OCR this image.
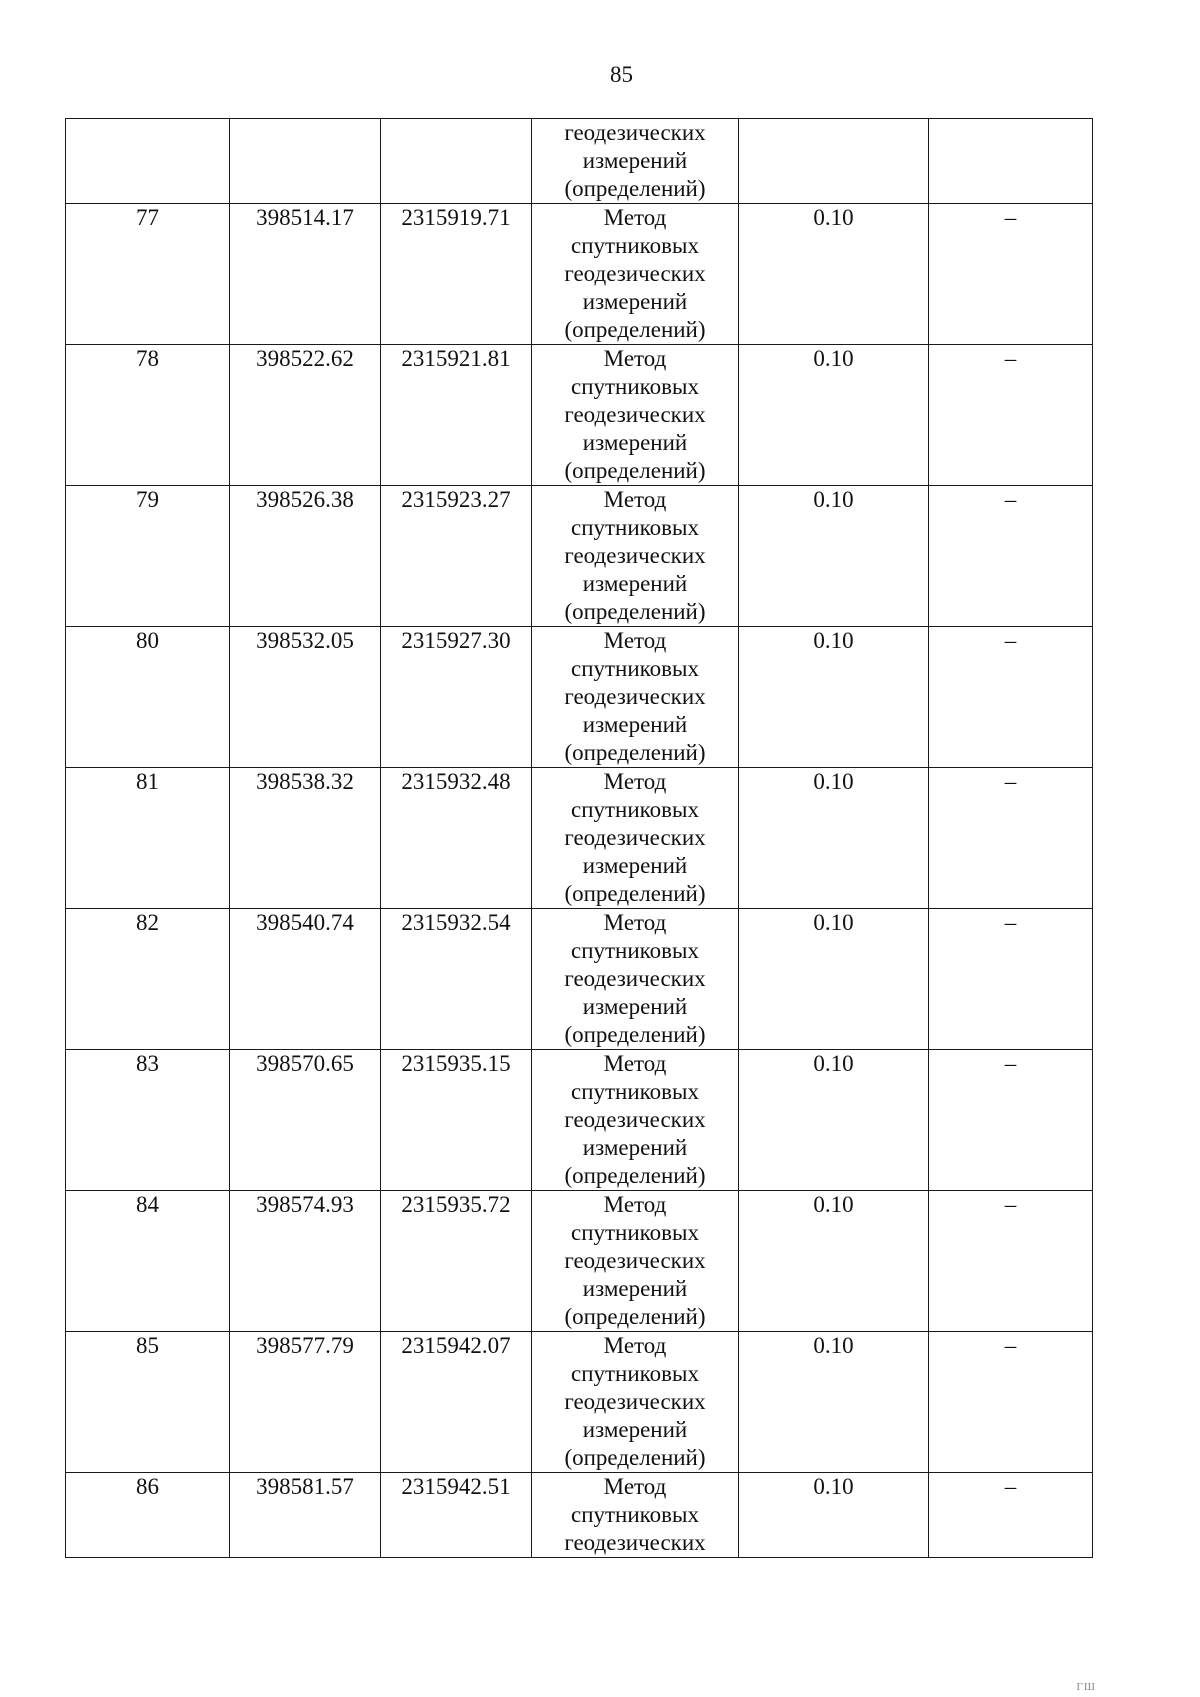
85

			геодезических
измерений
(определений)		

77	398514.17	2315919.71	Метод
спутниковых
геодезических
измерений
(определений)	0.10	–
78	398522.62	2315921.81	Метод
спутниковых
геодезических
измерений
(определений)	0.10	–
79	398526.38	2315923.27	Метод
спутниковых
геодезических
измерений
(определений)	0.10	–
80	398532.05	2315927.30	Метод
спутниковых
геодезических
измерений
(определений)	0.10	–
81	398538.32	2315932.48	Метод
спутниковых
геодезических
измерений
(определений)	0.10	–
82	398540.74	2315932.54	Метод
спутниковых
геодезических
измерений
(определений)	0.10	–
83	398570.65	2315935.15	Метод
спутниковых
геодезических
измерений
(определений)	0.10	–
84	398574.93	2315935.72	Метод
спутниковых
геодезических
измерений
(определений)	0.10	–
85	398577.79	2315942.07	Метод
спутниковых
геодезических
измерений
(определений)	0.10	–
86	398581.57	2315942.51	Метод
спутниковых
геодезических	0.10	–
ГШ
